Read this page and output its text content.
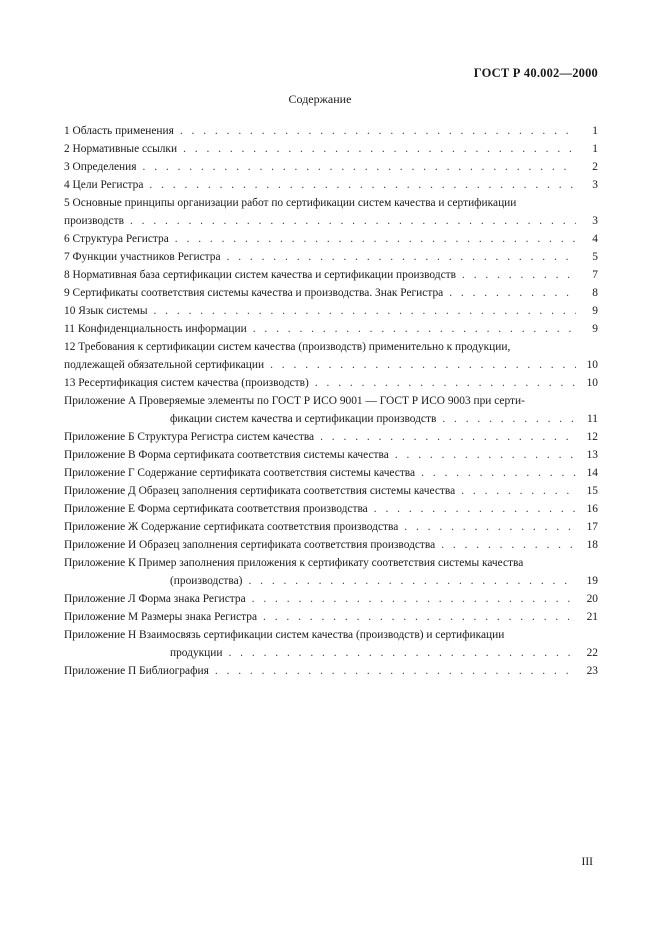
ГОСТ Р 40.002—2000
Содержание
1 Область применения . . .	1
2 Нормативные ссылки . . .	1
3 Определения . . .	2
4 Цели Регистра . . .	3
5 Основные принципы организации работ по сертификации систем качества и сертификации
производств . . .	3
6 Структура Регистра . . .	4
7 Функции участников Регистра . . .	5
8 Нормативная база сертификации систем качества и сертификации производств . . .	7
9 Сертификаты соответствия системы качества и производства. Знак Регистра . . .	8
10 Язык системы . . .	9
11 Конфиденциальность информации . . .	9
12 Требования к сертификации систем качества (производств) применительно к продукции,
подлежащей обязательной сертификации . . .	10
13 Ресертификация систем качества (производств) . . .	10
Приложение А Проверяемые элементы по ГОСТ Р ИСО 9001 — ГОСТ Р ИСО 9003 при серти-
фикации систем качества и сертификации производств . . .	11
Приложение Б Структура Регистра систем качества . . .	12
Приложение В Форма сертификата соответствия системы качества . . .	13
Приложение Г Содержание сертификата соответствия системы качества . . .	14
Приложение Д Образец заполнения сертификата соответствия системы качества . . .	15
Приложение Е Форма сертификата соответствия производства . . .	16
Приложение Ж Содержание сертификата соответствия производства . . .	17
Приложение И Образец заполнения сертификата соответствия производства . . .	18
Приложение К Пример заполнения приложения к сертификату соответствия системы качества
(производства) . . .	19
Приложение Л Форма знака Регистра . . .	20
Приложение М Размеры знака Регистра . . .	21
Приложение Н Взаимосвязь сертификации систем качества (производств) и сертификации
продукции . . .	22
Приложение П Библиография . . .	23
III
